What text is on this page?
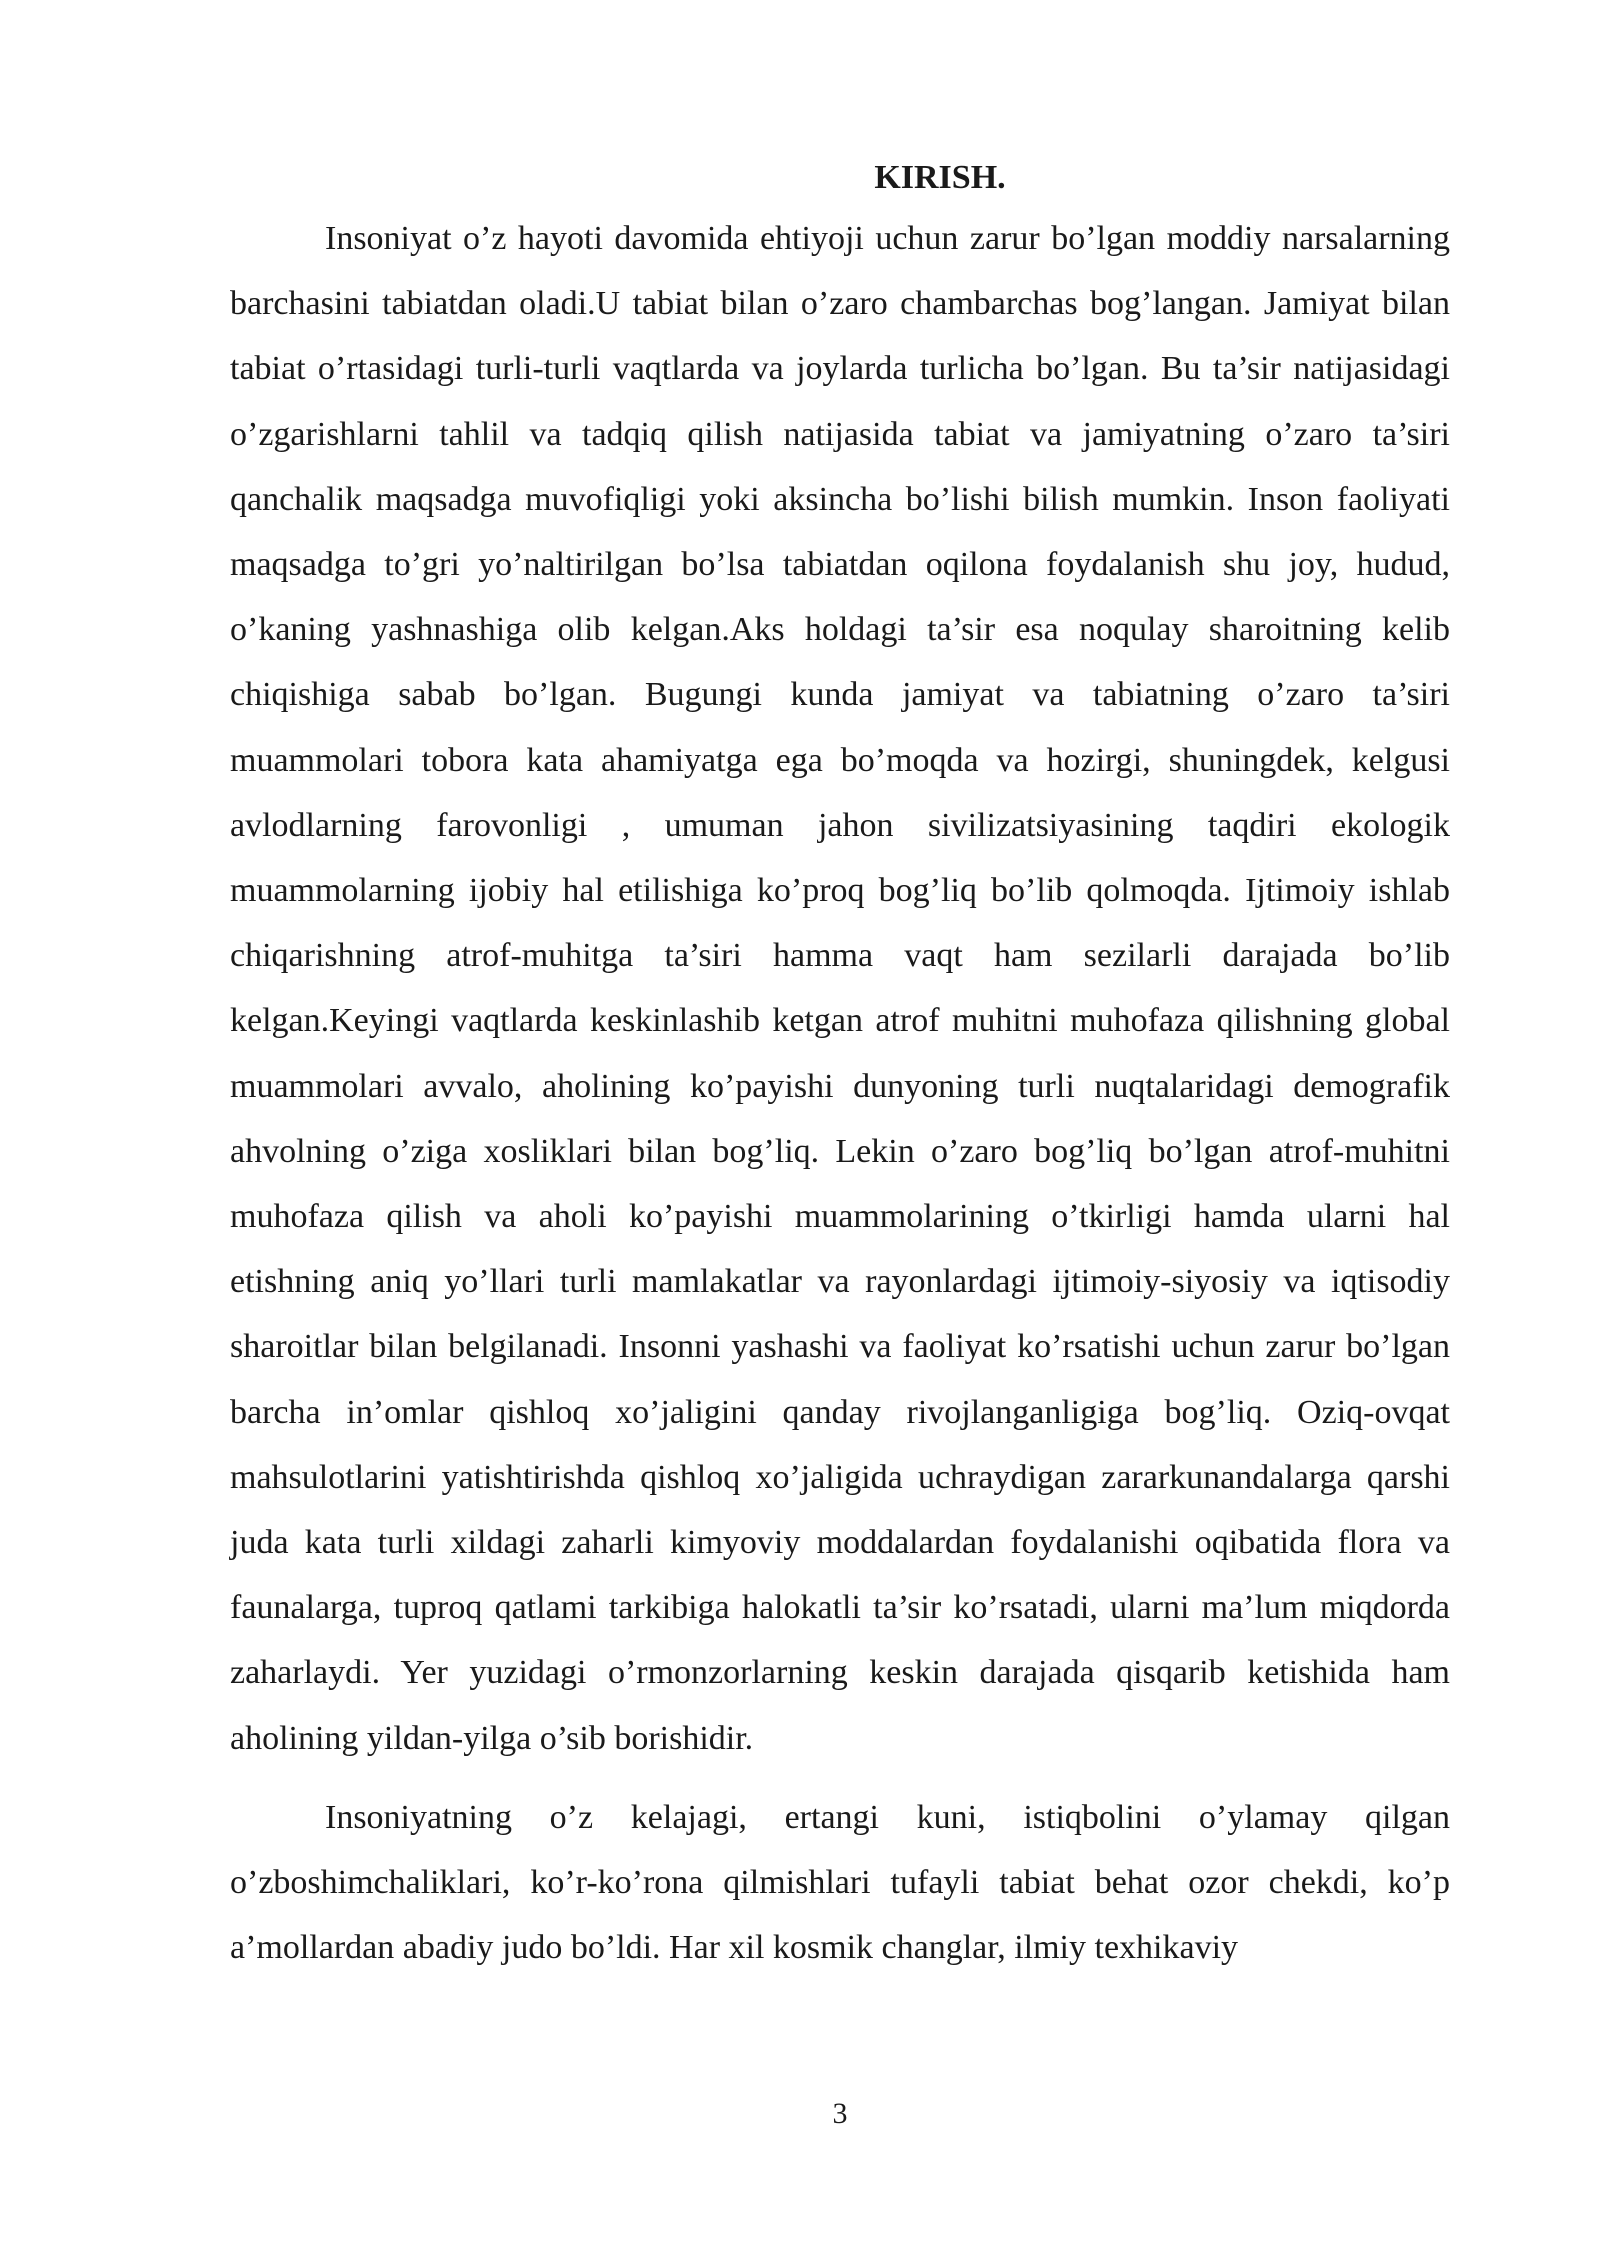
KIRISH.

Insoniyat o’z hayoti davomida ehtiyoji uchun zarur bo’lgan moddiy narsalarning barchasini tabiatdan oladi.U tabiat bilan o’zaro chambarchas bog’langan. Jamiyat bilan tabiat o’rtasidagi turli-turli vaqtlarda va joylarda turlicha bo’lgan. Bu ta’sir natijasidagi o’zgarishlarni tahlil va tadqiq qilish natijasida tabiat va jamiyatning o’zaro ta’siri qanchalik maqsadga muvofiqligi yoki aksincha bo’lishi bilish mumkin. Inson faoliyati maqsadga to’gri yo’naltirilgan bo’lsa tabiatdan oqilona foydalanish shu joy, hudud, o’kaning yashnashiga olib kelgan.Aks holdagi ta’sir esa noqulay sharoitning kelib chiqishiga sabab bo’lgan. Bugungi kunda jamiyat va tabiatning o’zaro ta’siri muammolari tobora kata ahamiyatga ega bo’moqda va hozirgi, shuningdek, kelgusi avlodlarning farovonligi , umuman jahon sivilizatsiyasining taqdiri ekologik muammolarning ijobiy hal etilishiga ko’proq bog’liq bo’lib qolmoqda. Ijtimoiy ishlab chiqarishning atrof-muhitga ta’siri hamma vaqt ham sezilarli darajada bo’lib kelgan.Keyingi vaqtlarda keskinlashib ketgan atrof muhitni muhofaza qilishning global muammolari avvalo, aholining ko’payishi dunyoning turli nuqtalaridagi demografik ahvolning o’ziga xosliklari bilan bog’liq. Lekin o’zaro bog’liq bo’lgan atrof-muhitni muhofaza qilish va aholi ko’payishi muammolarining o’tkirligi hamda ularni hal etishning aniq yo’llari turli mamlakatlar va rayonlardagi ijtimoiy-siyosiy va iqtisodiy sharoitlar bilan belgilanadi. Insonni yashashi va faoliyat ko’rsatishi uchun zarur bo’lgan barcha in’omlar qishloq xo’jaligini qanday rivojlanganligiga bog’liq. Oziq-ovqat mahsulotlarini yatishtirishda qishloq xo’jaligida uchraydigan zararkunandalarga qarshi juda kata turli xildagi zaharli kimyoviy moddalardan foydalanishi oqibatida flora va faunalarga, tuproq qatlami tarkibiga halokatli ta’sir ko’rsatadi, ularni ma’lum miqdorda zaharlaydi. Yer yuzidagi o’rmonzorlarning keskin darajada qisqarib ketishida ham aholining yildan-yilga o’sib borishidir.

Insoniyatning o’z kelajagi, ertangi kuni, istiqbolini o’ylamay qilgan o’zboshimchaliklari, ko’r-ko’rona qilmishlari tufayli tabiat behat ozor chekdi, ko’p a’mollardan abadiy judo bo’ldi. Har xil kosmik changlar, ilmiy texhikaviy

3
